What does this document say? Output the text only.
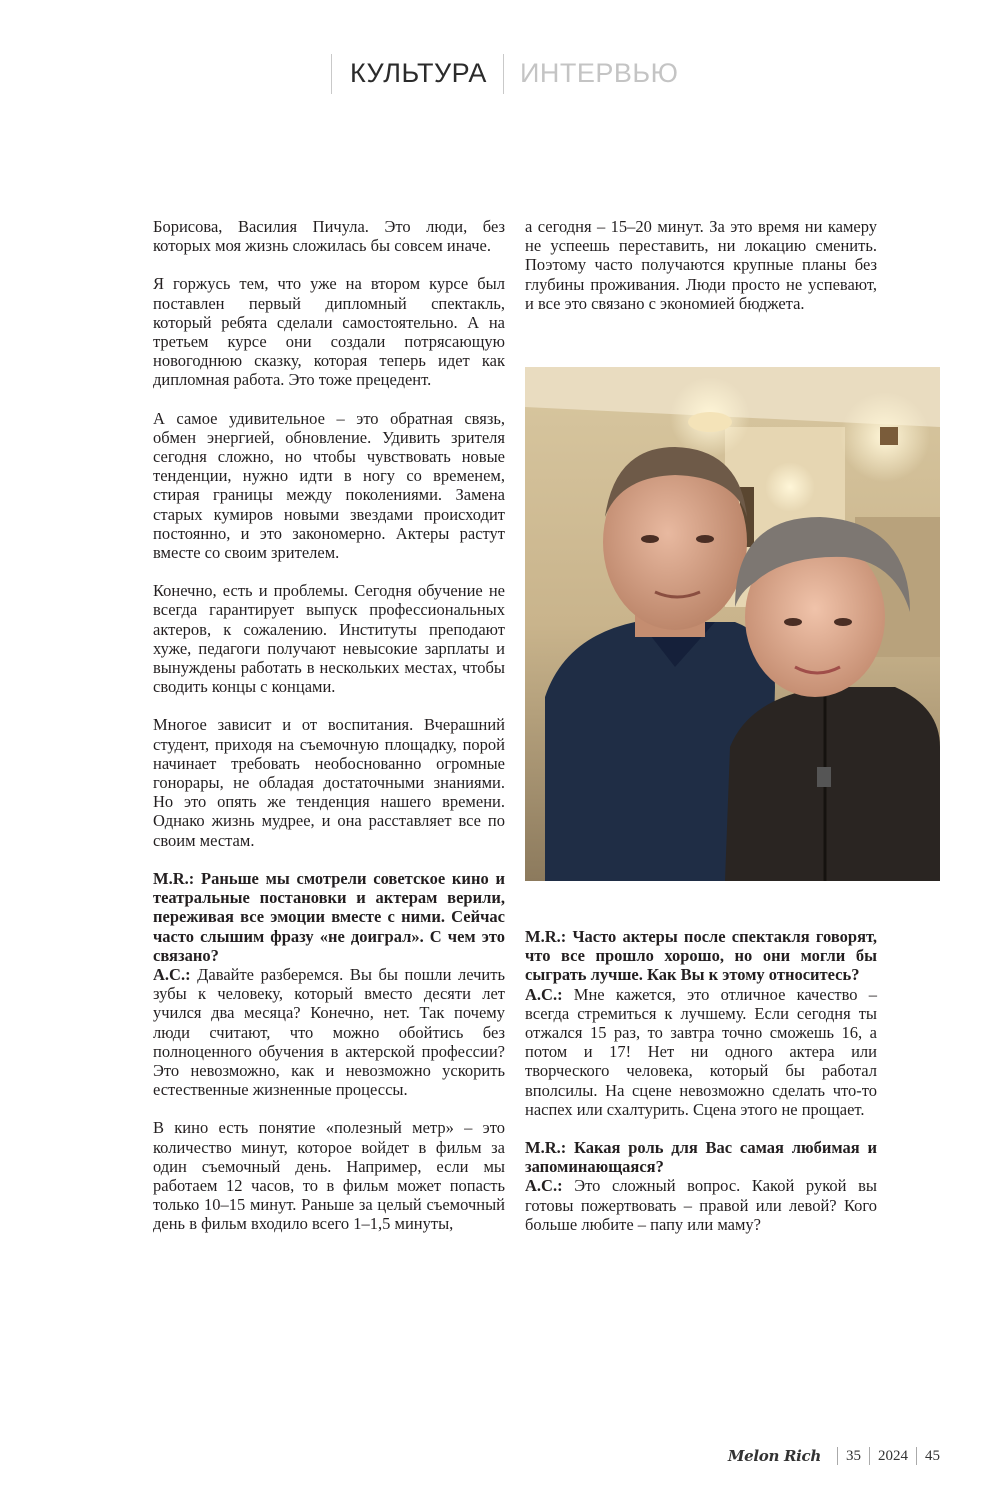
КУЛЬТУРА ИНТЕРВЬЮ

Борисова, Василия Пичула. Это люди, без которых моя жизнь сложилась бы совсем иначе.

Я горжусь тем, что уже на втором курсе был поставлен первый дипломный спектакль, который ребята сделали самостоятельно. А на третьем курсе они создали потрясающую новогоднюю сказку, которая теперь идет как дипломная работа. Это тоже прецедент.

А самое удивительное – это обратная связь, обмен энергией, обновление. Удивить зрителя сегодня сложно, но чтобы чувствовать новые тенденции, нужно идти в ногу со временем, стирая границы между поколениями. Замена старых кумиров новыми звездами происходит постоянно, и это закономерно. Актеры растут вместе со своим зрителем.

Конечно, есть и проблемы. Сегодня обучение не всегда гарантирует выпуск профессиональных актеров, к сожалению. Институты преподают хуже, педагоги получают невысокие зарплаты и вынуждены работать в нескольких местах, чтобы сводить концы с концами.

Многое зависит и от воспитания. Вчерашний студент, приходя на съемочную площадку, порой начинает требовать необоснованно огромные гонорары, не обладая достаточными знаниями. Но это опять же тенденция нашего времени. Однако жизнь мудрее, и она расставляет все по своим местам.

M.R.: Раньше мы смотрели советское кино и театральные постановки и актерам верили, переживая все эмоции вместе с ними. Сейчас часто слышим фразу «не доиграл». С чем это связано?
А.С.: Давайте разберемся. Вы бы пошли лечить зубы к человеку, который вместо десяти лет учился два месяца? Конечно, нет. Так почему люди считают, что можно обойтись без полноценного обучения в актерской профессии? Это невозможно, как и невозможно ускорить естественные жизненные процессы.

В кино есть понятие «полезный метр» – это количество минут, которое войдет в фильм за один съемочный день. Например, если мы работаем 12 часов, то в фильм может попасть только 10–15 минут. Раньше за целый съемочный день в фильм входило всего 1–1,5 минуты,

а сегодня – 15–20 минут. За это время ни камеру не успеешь переставить, ни локацию сменить. Поэтому часто получаются крупные планы без глубины проживания. Люди просто не успевают, и все это связано с экономией бюджета.

M.R.: Часто актеры после спектакля говорят, что все прошло хорошо, но они могли бы сыграть лучше. Как Вы к этому относитесь?
А.С.: Мне кажется, это отличное качество – всегда стремиться к лучшему. Если сегодня ты отжался 15 раз, то завтра точно сможешь 16, а потом и 17! Нет ни одного актера или творческого человека, который бы работал вполсилы. На сцене невозможно сделать что-то наспех или схалтурить. Сцена этого не прощает.
M.R.: Какая роль для Вас самая любимая и запоминающаяся?
А.С.: Это сложный вопрос. Какой рукой вы готовы пожертвовать – правой или левой? Кого больше любите – папу или маму?
Melon Rich 35 2024 45
